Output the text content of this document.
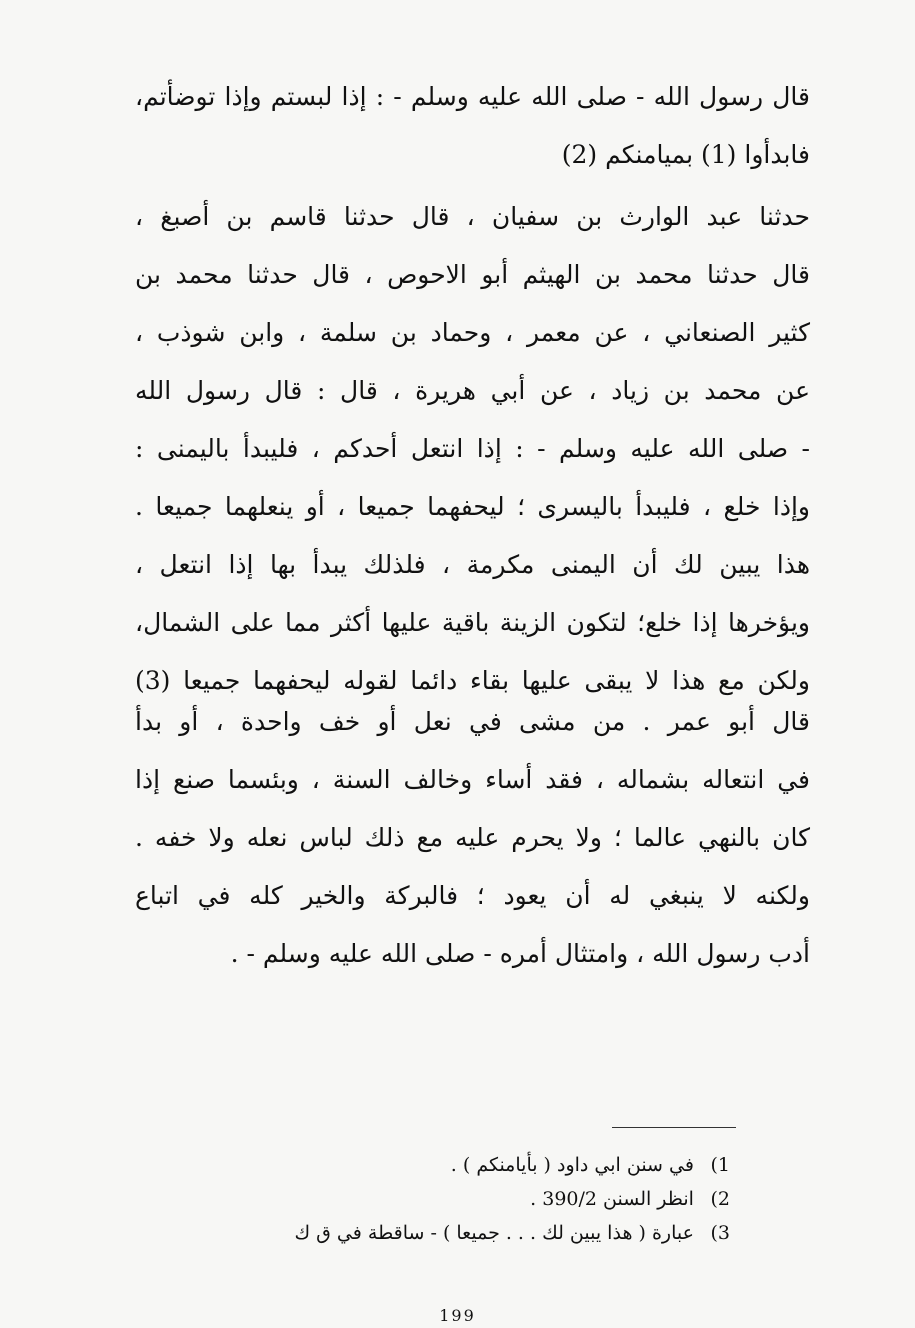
قال رسول الله - صلى الله عليه وسلم - : إذا لبستم وإذا توضأتم،
فابدأوا (1) بميامنكم (2)
حدثنا عبد الوارث بن سفيان ، قال حدثنا قاسم بن أصبغ ،
قال حدثنا محمد بن الهيثم أبو الاحوص ، قال حدثنا محمد بن
كثير الصنعاني ، عن معمر ، وحماد بن سلمة ، وابن شوذب ،
عن محمد بن زياد ، عن أبي هريرة ، قال : قال رسول الله
- صلى الله عليه وسلم - : إذا انتعل أحدكم ، فليبدأ باليمنى :
وإذا خلع ، فليبدأ باليسرى ؛ ليحفهما جميعا ، أو ينعلهما جميعا .
هذا يبين لك أن اليمنى مكرمة ، فلذلك يبدأ بها إذا انتعل ،
ويؤخرها إذا خلع؛ لتكون الزينة باقية عليها أكثر مما على الشمال،
ولكن مع هذا لا يبقى عليها بقاء دائما لقوله ليحفهما جميعا (3)
قال أبو عمر . من مشى في نعل أو خف واحدة ، أو بدأ
في انتعاله بشماله ، فقد أساء وخالف السنة ، وبئسما صنع إذا
كان بالنهي عالما ؛ ولا يحرم عليه مع ذلك لباس نعله ولا خفه .
ولكنه لا ينبغي له أن يعود ؛ فالبركة والخير كله في اتباع
أدب رسول الله ، وامتثال أمره - صلى الله عليه وسلم - .
1) في سنن ابي داود ( بأيامنكم ) .
2) انظر السنن 390/2 .
3) عبارة ( هذا يبين لك . . . جميعا ) - ساقطة في ق ك
199
